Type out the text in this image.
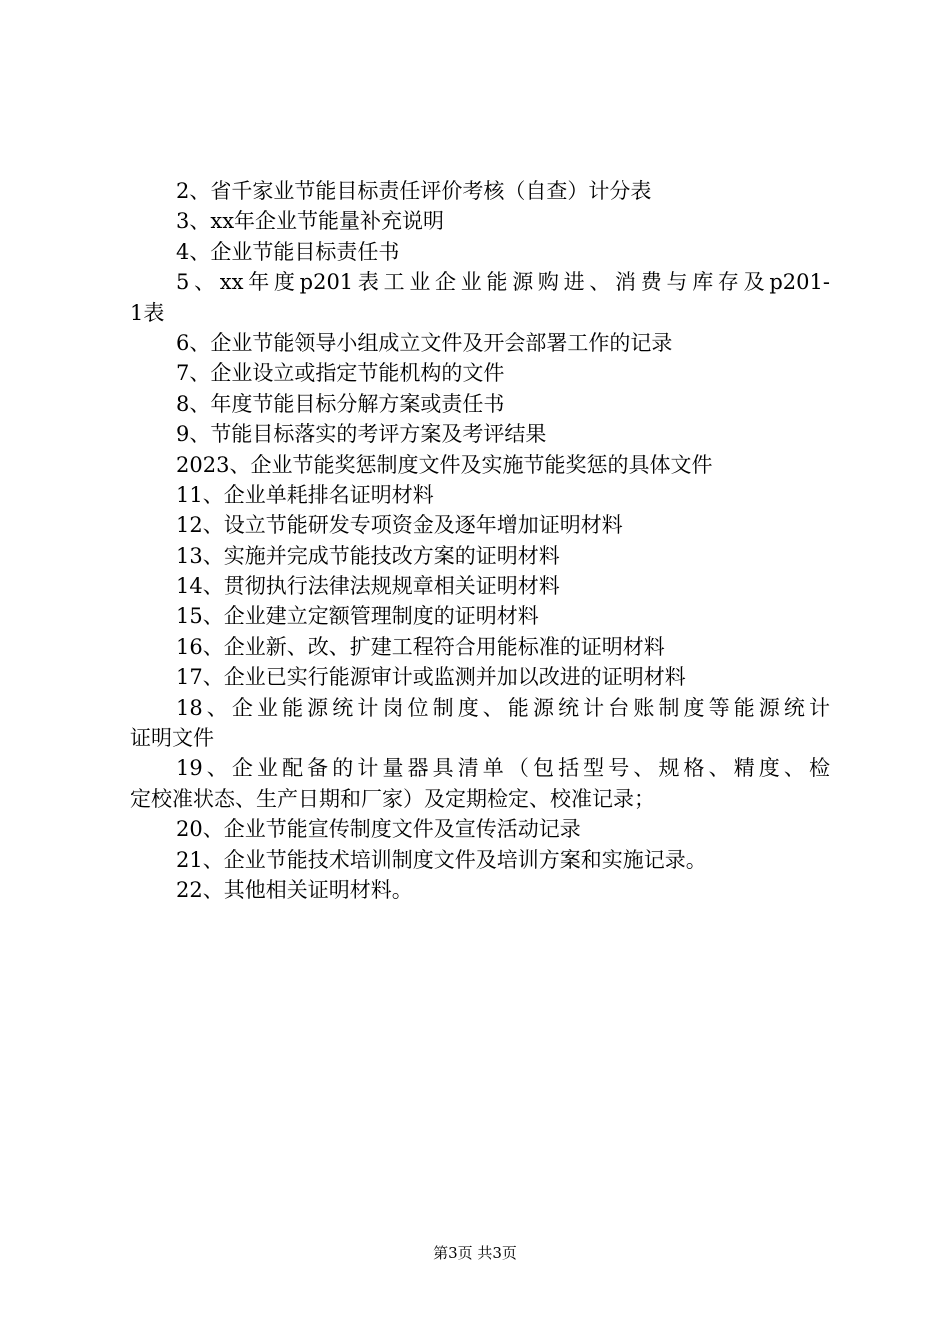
2、省千家业节能目标责任评价考核（自查）计分表
3、xx年企业节能量补充说明
4、企业节能目标责任书
5、xx年度p201表工业企业能源购进、消费与库存及p201-
1表
6、企业节能领导小组成立文件及开会部署工作的记录
7、企业设立或指定节能机构的文件
8、年度节能目标分解方案或责任书
9、节能目标落实的考评方案及考评结果
2023、企业节能奖惩制度文件及实施节能奖惩的具体文件
11、企业单耗排名证明材料
12、设立节能研发专项资金及逐年增加证明材料
13、实施并完成节能技改方案的证明材料
14、贯彻执行法律法规规章相关证明材料
15、企业建立定额管理制度的证明材料
16、企业新、改、扩建工程符合用能标准的证明材料
17、企业已实行能源审计或监测并加以改进的证明材料
18、企业能源统计岗位制度、能源统计台账制度等能源统计
证明文件
19、企业配备的计量器具清单（包括型号、规格、精度、检
定校准状态、生产日期和厂家）及定期检定、校准记录；
20、企业节能宣传制度文件及宣传活动记录
21、企业节能技术培训制度文件及培训方案和实施记录。
22、其他相关证明材料。
第3页 共3页
